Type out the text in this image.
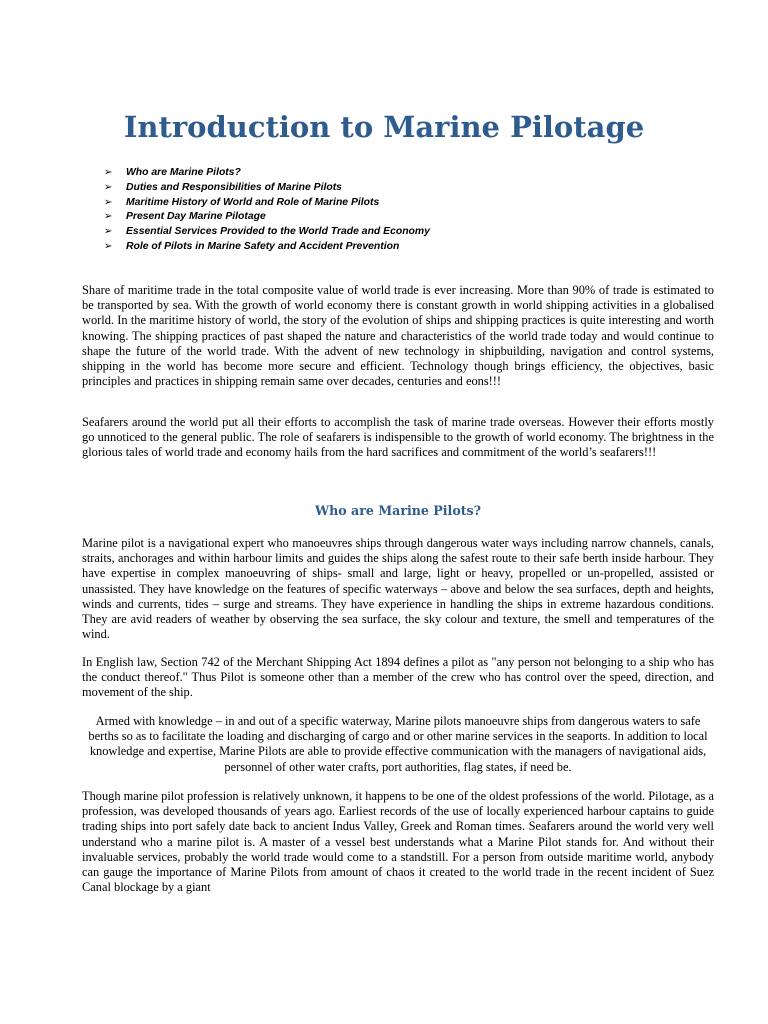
Introduction to Marine Pilotage
➢	Who are Marine Pilots?
➢	Duties and Responsibilities of Marine Pilots
➢	Maritime History of World and Role of Marine Pilots
➢	Present Day Marine Pilotage
➢	Essential Services Provided to the World Trade and Economy
➢	Role of Pilots in Marine Safety and Accident Prevention

Share of maritime trade in the total composite value of world trade is ever increasing. More than 90% of trade is estimated to be transported by sea. With the growth of world economy there is constant growth in world shipping activities in a globalised world. In the maritime history of world, the story of the evolution of ships and shipping practices is quite interesting and worth knowing. The shipping practices of past shaped the nature and characteristics of the world trade today and would continue to shape the future of the world trade. With the advent of new technology in shipbuilding, navigation and control systems, shipping in the world has become more secure and efficient. Technology though brings efficiency, the objectives, basic principles and practices in shipping remain same over decades, centuries and eons!!!

Seafarers around the world put all their efforts to accomplish the task of marine trade overseas. However their efforts mostly go unnoticed to the general public. The role of seafarers is indispensible to the growth of world economy. The brightness in the glorious tales of world trade and economy hails from the hard sacrifices and commitment of the world’s seafarers!!!

Who are Marine Pilots?

Marine pilot is a navigational expert who manoeuvres ships through dangerous water ways including narrow channels, canals, straits, anchorages and within harbour limits and guides the ships along the safest route to their safe berth inside harbour. They have expertise in complex manoeuvring of ships- small and large, light or heavy, propelled or un-propelled, assisted or unassisted. They have knowledge on the features of specific waterways – above and below the sea surfaces, depth and heights, winds and currents, tides – surge and streams. They have experience in handling the ships in extreme hazardous conditions. They are avid readers of weather by observing the sea surface, the sky colour and texture, the smell and temperatures of the wind.

In English law, Section 742 of the Merchant Shipping Act 1894 defines a pilot as "any person not belonging to a ship who has the conduct thereof." Thus Pilot is someone other than a member of the crew who has control over the speed, direction, and movement of the ship.

Armed with knowledge – in and out of a specific waterway, Marine pilots manoeuvre ships from dangerous waters to safe berths so as to facilitate the loading and discharging of cargo and or other marine services in the seaports. In addition to local knowledge and expertise, Marine Pilots are able to provide effective communication with the managers of navigational aids, personnel of other water crafts, port authorities, flag states, if need be.

Though marine pilot profession is relatively unknown, it happens to be one of the oldest professions of the world. Pilotage, as a profession, was developed thousands of years ago. Earliest records of the use of locally experienced harbour captains to guide trading ships into port safely date back to ancient Indus Valley, Greek and Roman times. Seafarers around the world very well understand who a marine pilot is. A master of a vessel best understands what a Marine Pilot stands for. And without their invaluable services, probably the world trade would come to a standstill. For a person from outside maritime world, anybody can gauge the importance of Marine Pilots from amount of chaos it created to the world trade in the recent incident of Suez Canal blockage by a giant
